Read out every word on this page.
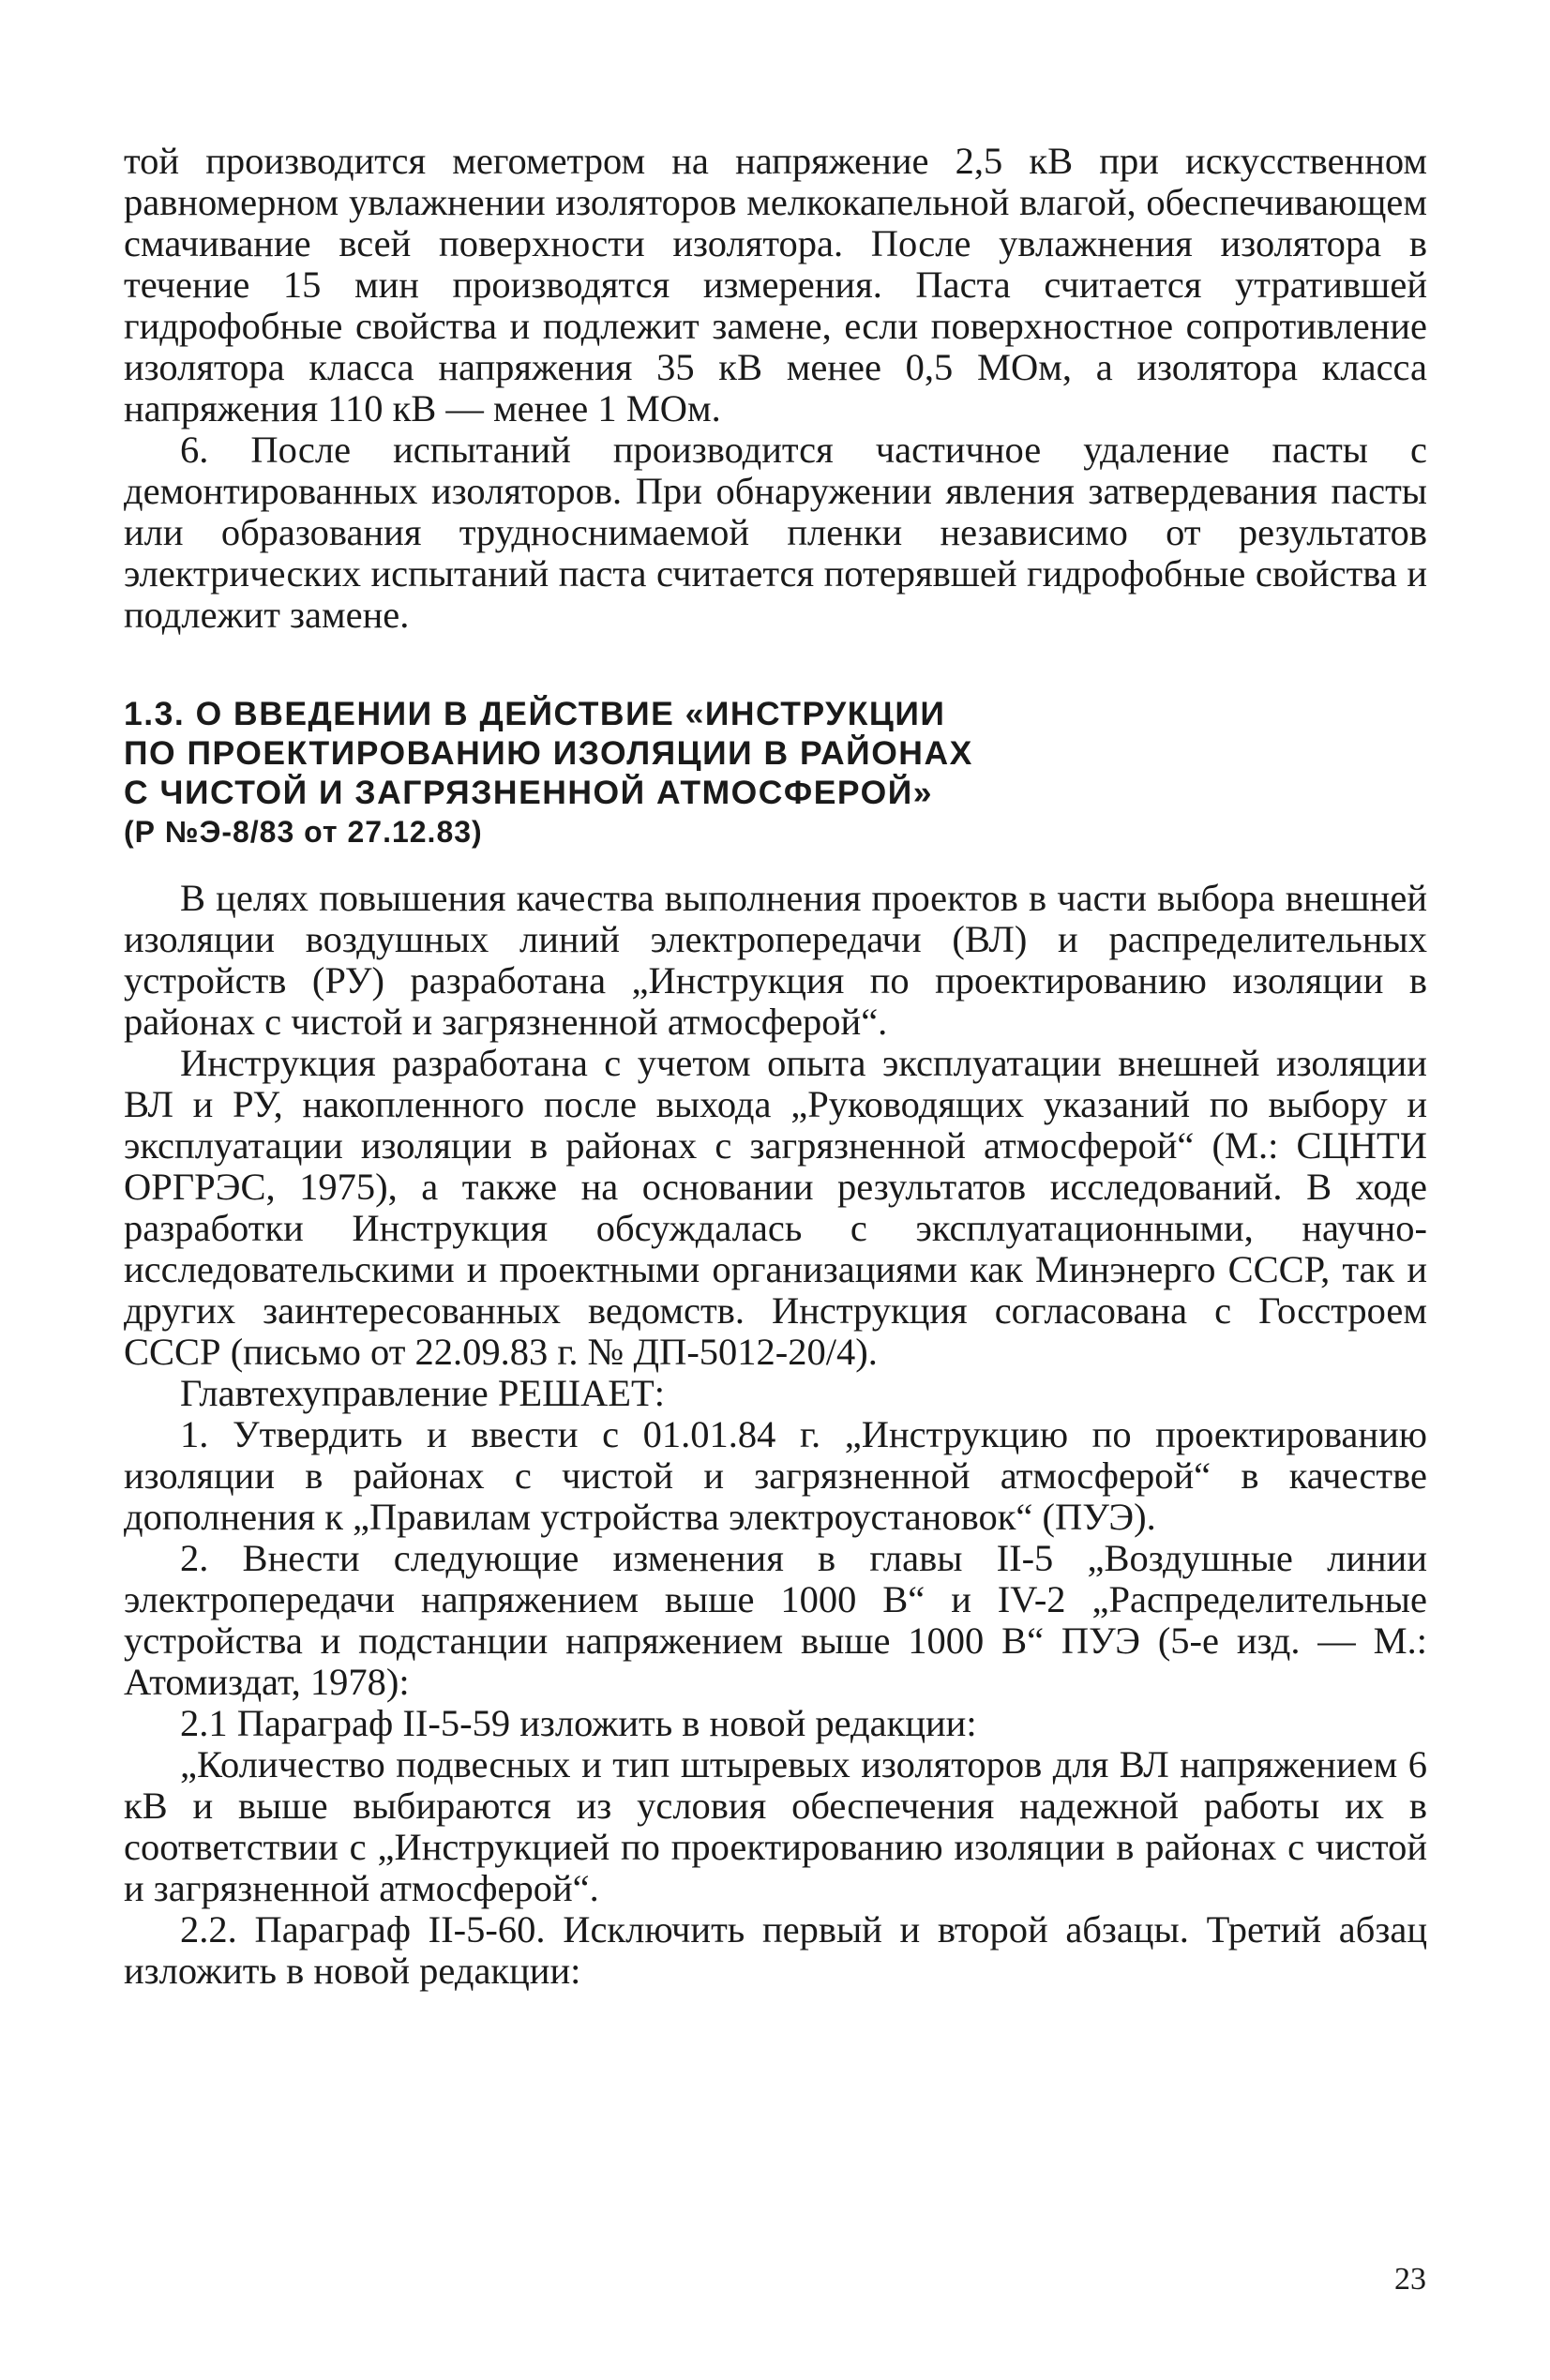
той производится мегометром на напряжение 2,5 кВ при искусственном равномерном увлажнении изоляторов мелкокапельной влагой, обеспечивающем смачивание всей поверхности изолятора. После увлажнения изолятора в течение 15 мин производятся измерения. Паста считается утратившей гидрофобные свойства и подлежит замене, если поверхностное сопротивление изолятора класса напряжения 35 кВ менее 0,5 МОм, а изолятора класса напряжения 110 кВ — менее 1 МОм.

6. После испытаний производится частичное удаление пасты с демонтированных изоляторов. При обнаружении явления затвердевания пасты или образования трудноснимаемой пленки независимо от результатов электрических испытаний паста считается потерявшей гидрофобные свойства и подлежит замене.

1.3. О ВВЕДЕНИИ В ДЕЙСТВИЕ «ИНСТРУКЦИИ
ПО ПРОЕКТИРОВАНИЮ ИЗОЛЯЦИИ В РАЙОНАХ
С ЧИСТОЙ И ЗАГРЯЗНЕННОЙ АТМОСФЕРОЙ»

(Р №Э-8/83 от 27.12.83)

В целях повышения качества выполнения проектов в части выбора внешней изоляции воздушных линий электропередачи (ВЛ) и распределительных устройств (РУ) разработана „Инструкция по проектированию изоляции в районах с чистой и загрязненной атмосферой“.

Инструкция разработана с учетом опыта эксплуатации внешней изоляции ВЛ и РУ, накопленного после выхода „Руководящих указаний по выбору и эксплуатации изоляции в районах с загрязненной атмосферой“ (М.: СЦНТИ ОРГРЭС, 1975), а также на основании результатов исследований. В ходе разработки Инструкция обсуждалась с эксплуатационными, научно-исследовательскими и проектными организациями как Минэнерго СССР, так и других заинтересованных ведомств. Инструкция согласована с Госстроем СССР (письмо от 22.09.83 г. № ДП-5012-20/4).

Главтехуправление РЕШАЕТ:

1. Утвердить и ввести с 01.01.84 г. „Инструкцию по проектированию изоляции в районах с чистой и загрязненной атмосферой“ в качестве дополнения к „Правилам устройства электроустановок“ (ПУЭ).

2. Внести следующие изменения в главы II-5 „Воздушные линии электропередачи напряжением выше 1000 В“ и IV-2 „Распределительные устройства и подстанции напряжением выше 1000 В“ ПУЭ (5-е изд. — М.: Атомиздат, 1978):

2.1 Параграф II-5-59 изложить в новой редакции:

„Количество подвесных и тип штыревых изоляторов для ВЛ напряжением 6 кВ и выше выбираются из условия обеспечения надежной работы их в соответствии с „Инструкцией по проектированию изоляции в районах с чистой и загрязненной атмосферой“.

2.2. Параграф II-5-60. Исключить первый и второй абзацы. Третий абзац изложить в новой редакции:

23
